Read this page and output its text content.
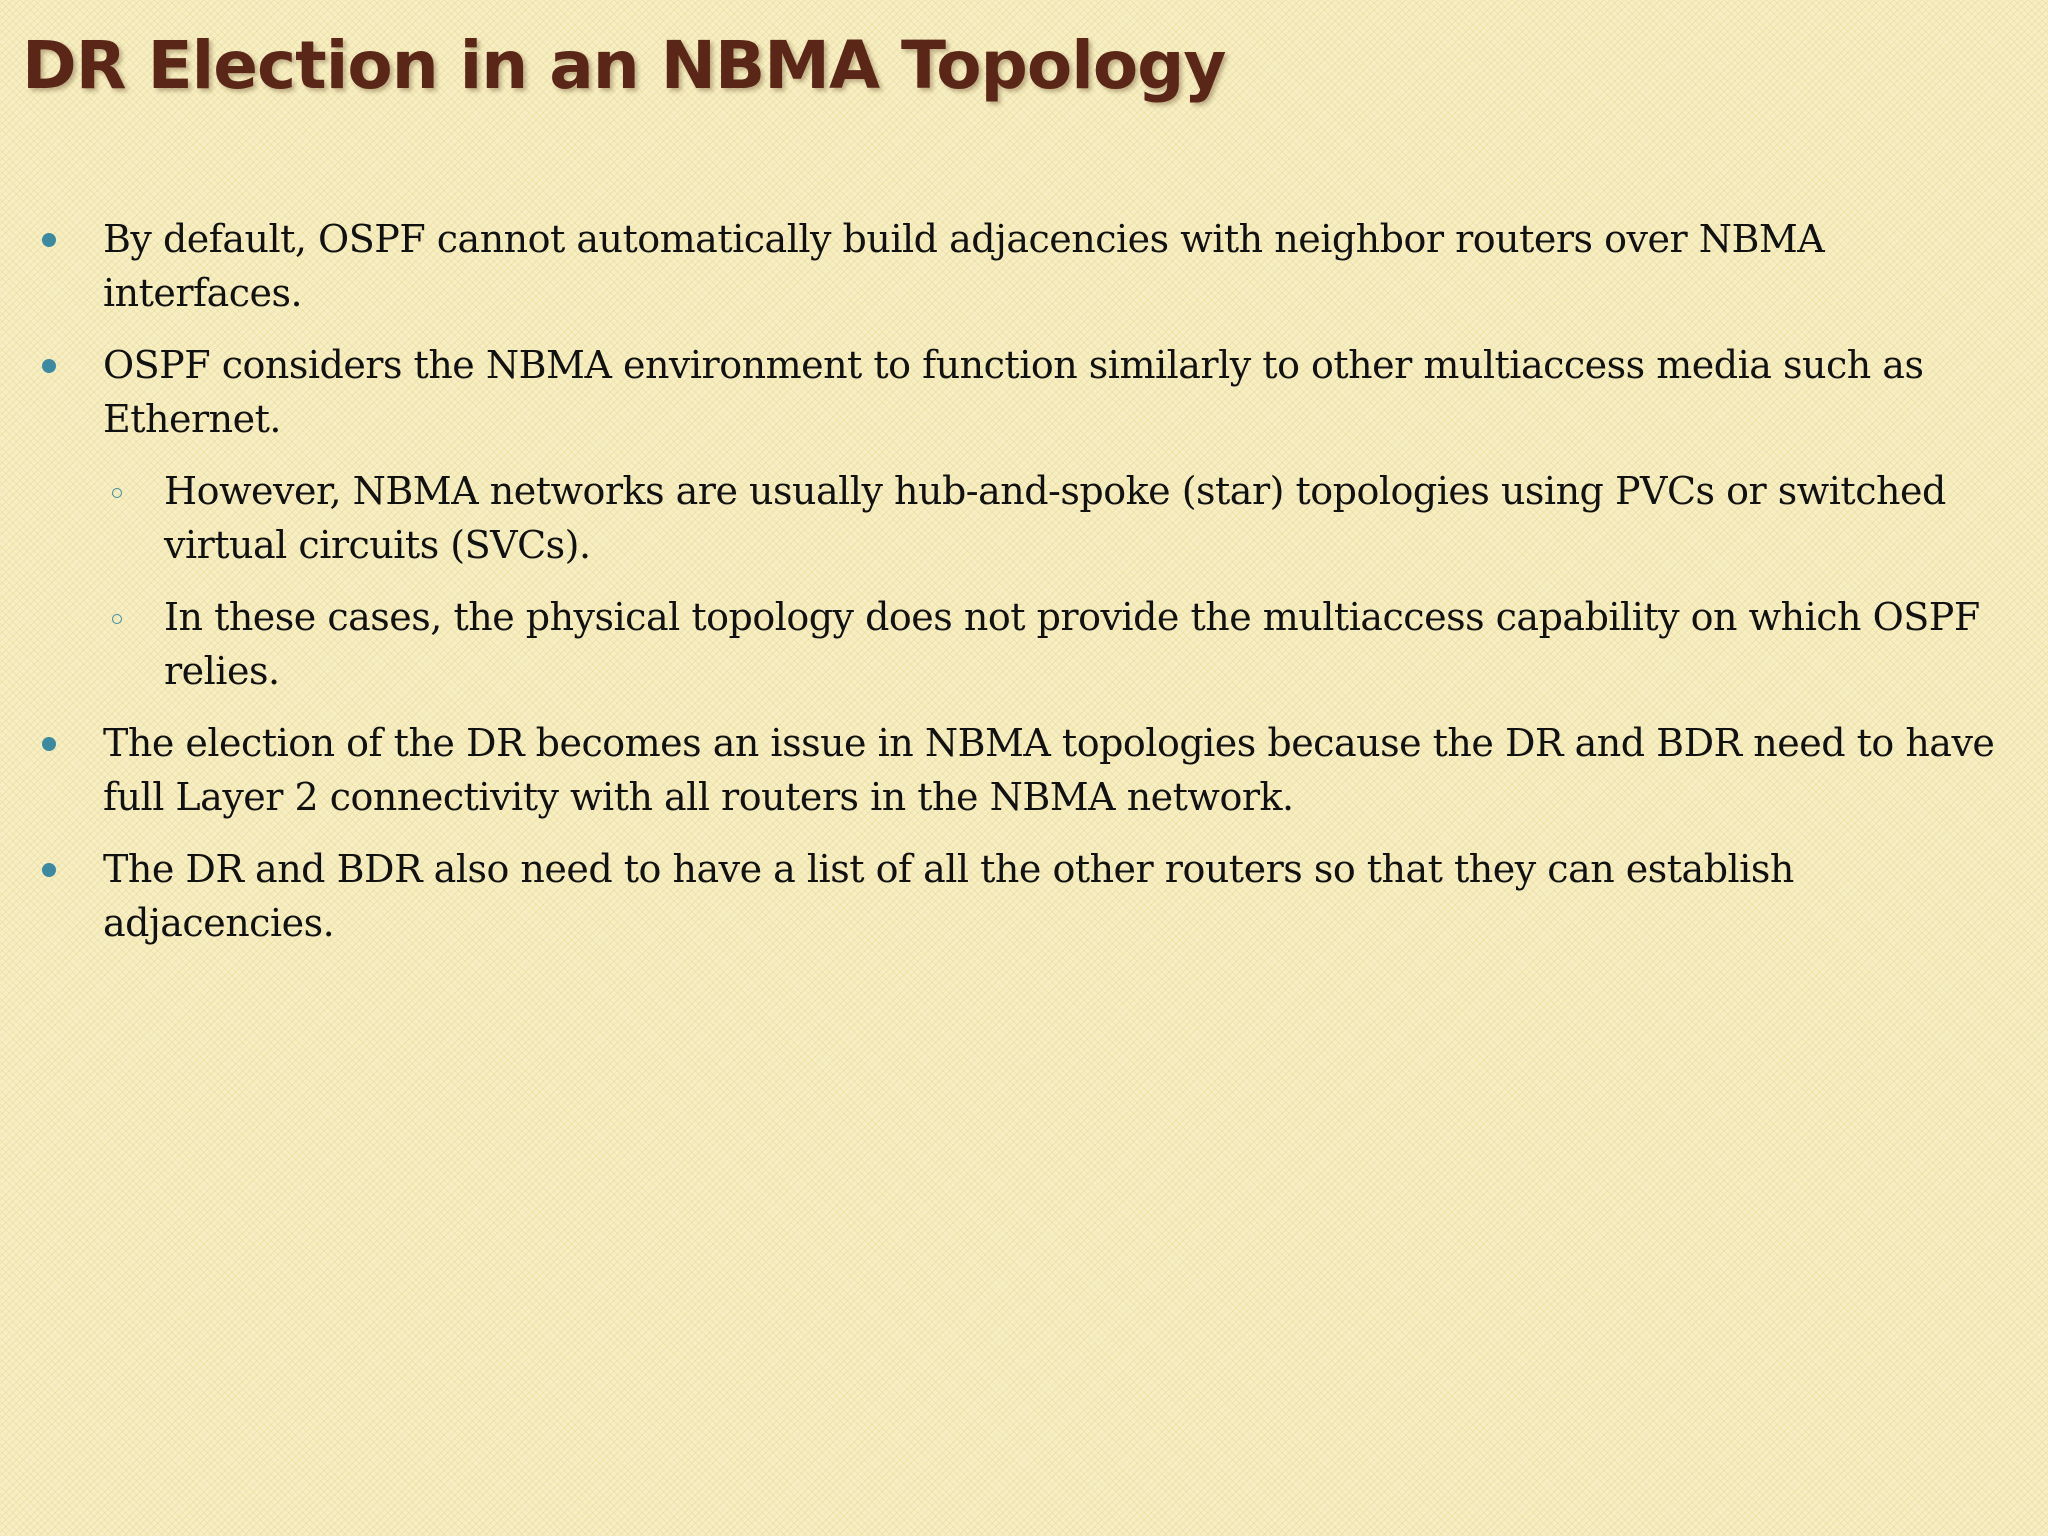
DR Election in an NBMA Topology
By default, OSPF cannot automatically build adjacencies with neighbor routers over NBMA interfaces.
OSPF considers the NBMA environment to function similarly to other multiaccess media such as Ethernet.
However, NBMA networks are usually hub-and-spoke (star) topologies using PVCs or switched virtual circuits (SVCs).
In these cases, the physical topology does not provide the multiaccess capability on which OSPF relies.
The election of the DR becomes an issue in NBMA topologies because the DR and BDR need to have full Layer 2 connectivity with all routers in the NBMA network.
The DR and BDR also need to have a list of all the other routers so that they can establish adjacencies.
